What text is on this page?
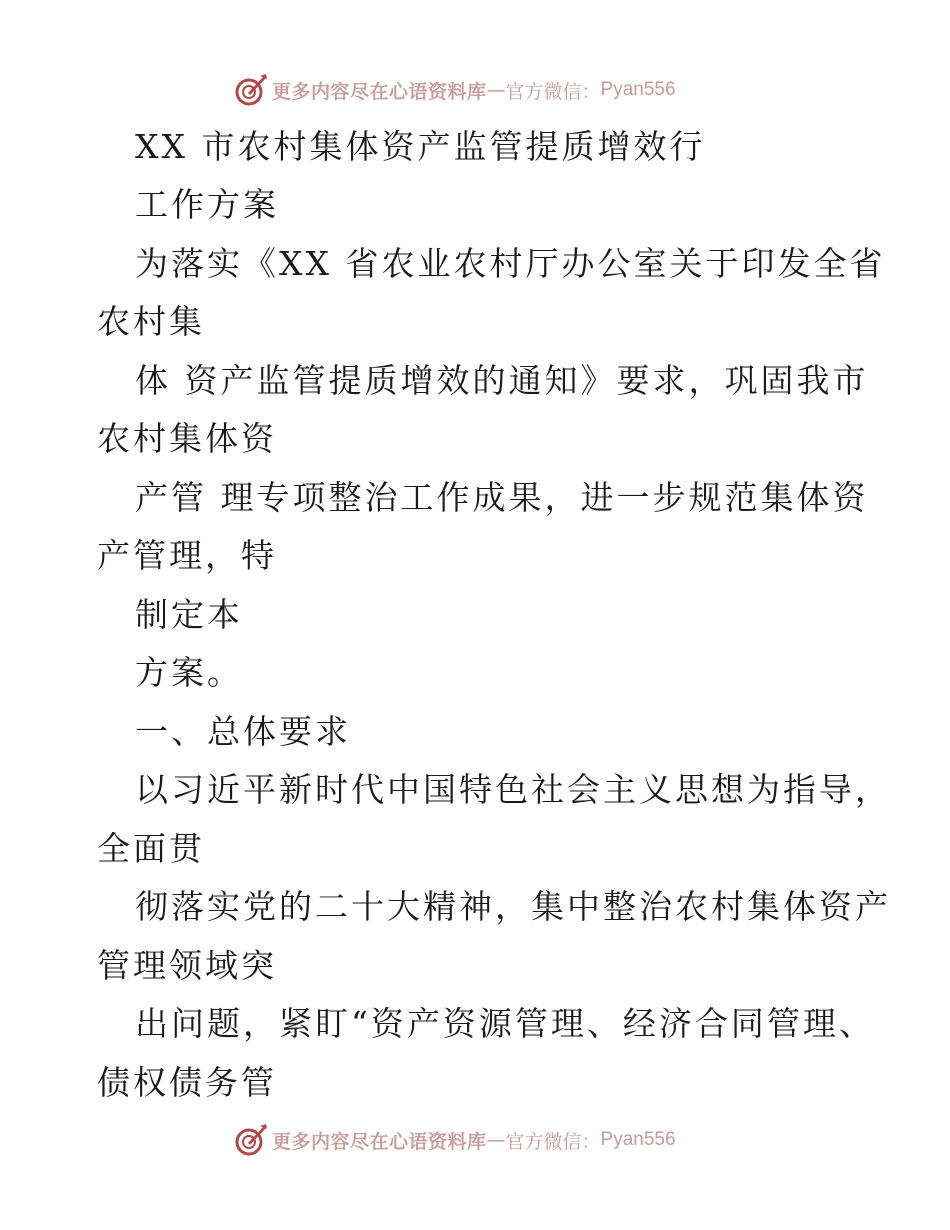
更多内容尽在心语资料库 — 官方微信： Pyan556
XX 市农村集体资产监管提质增效行
工作方案
为落实《XX 省农业农村厅办公室关于印发全省
农村集
体 资产监管提质增效的通知》要求，巩固我市
农村集体资
产管 理专项整治工作成果，进一步规范集体资
产管理，特
制定本
方案。
一、总体要求
以习近平新时代中国特色社会主义思想为指导，
全面贯
彻落实党的二十大精神，集中整治农村集体资产
管理领域突
出问题，紧盯“资产资源管理、经济合同管理、
债权债务管
更多内容尽在心语资料库 — 官方微信： Pyan556
